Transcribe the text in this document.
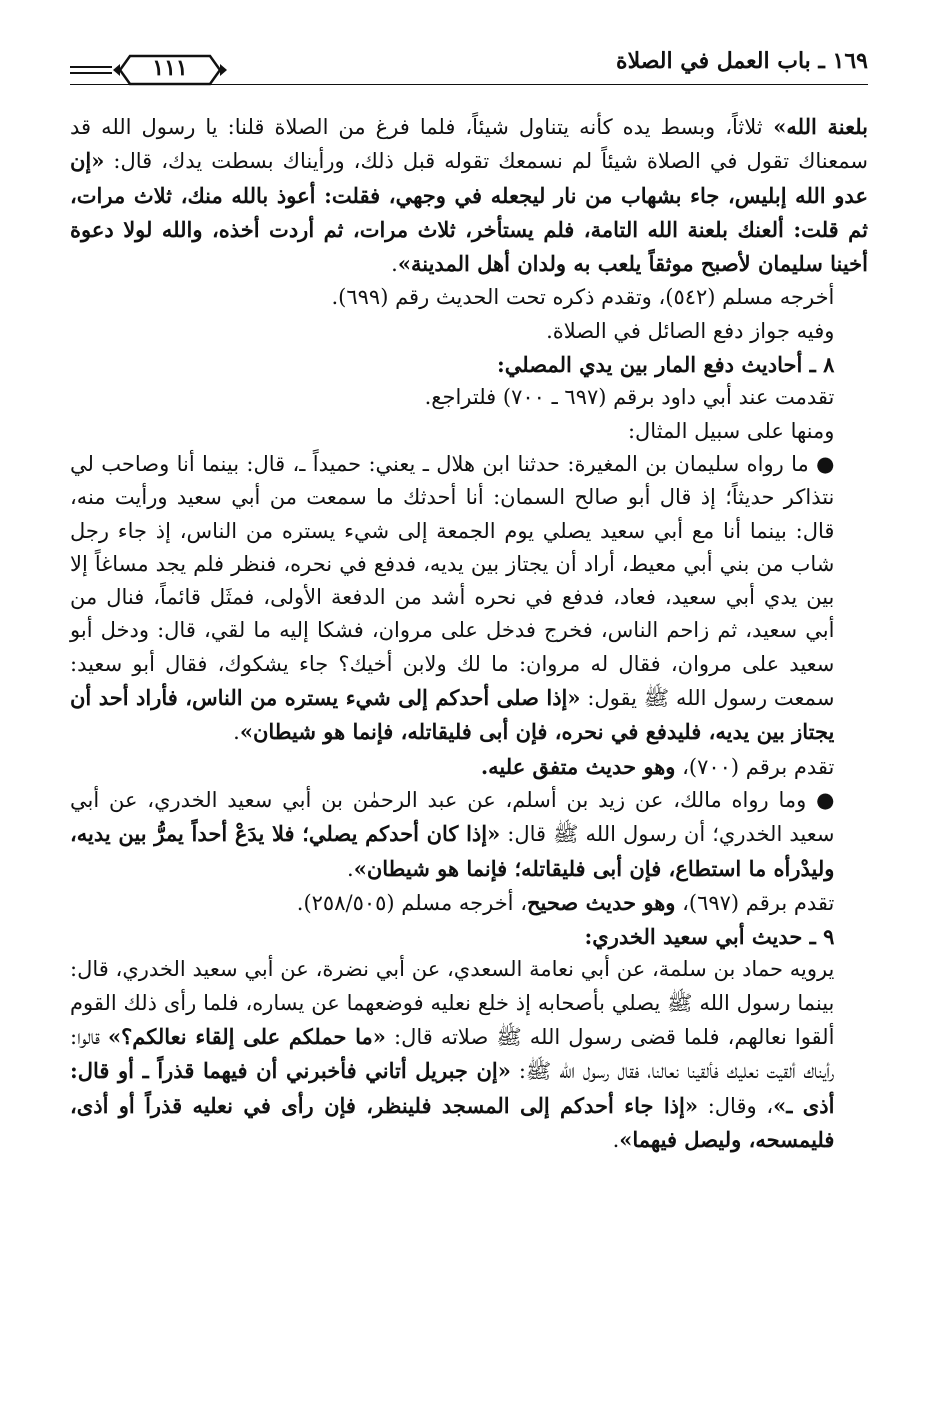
١٦٩ ـ باب العمل في الصلاة
١١١

بلعنة الله» ثلاثاً، وبسط يده كأنه يتناول شيئاً، فلما فرغ من الصلاة قلنا: يا رسول الله قد سمعناك تقول في الصلاة شيئاً لم نسمعك تقوله قبل ذلك، ورأيناك بسطت يدك، قال: «إن عدو الله إبليس، جاء بشهاب من نار ليجعله في وجهي، فقلت: أعوذ بالله منك، ثلاث مرات، ثم قلت: ألعنك بلعنة الله التامة، فلم يستأخر، ثلاث مرات، ثم أردت أخذه، والله لولا دعوة أخينا سليمان لأصبح موثقاً يلعب به ولدان أهل المدينة».

أخرجه مسلم (٥٤٢)، وتقدم ذكره تحت الحديث رقم (٦٩٩).

وفيه جواز دفع الصائل في الصلاة.

٨ ـ أحاديث دفع المار بين يدي المصلي:

تقدمت عند أبي داود برقم (٦٩٧ ـ ٧٠٠) فلتراجع.

ومنها على سبيل المثال:

● ما رواه سليمان بن المغيرة: حدثنا ابن هلال ـ يعني: حميداً ـ، قال: بينما أنا وصاحب لي نتذاكر حديثاً؛ إذ قال أبو صالح السمان: أنا أحدثك ما سمعت من أبي سعيد ورأيت منه، قال: بينما أنا مع أبي سعيد يصلي يوم الجمعة إلى شيء يستره من الناس، إذ جاء رجل شاب من بني أبي معيط، أراد أن يجتاز بين يديه، فدفع في نحره، فنظر فلم يجد مساغاً إلا بين يدي أبي سعيد، فعاد، فدفع في نحره أشد من الدفعة الأولى، فمثَل قائماً، فنال من أبي سعيد، ثم زاحم الناس، فخرج فدخل على مروان، فشكا إليه ما لقي، قال: ودخل أبو سعيد على مروان، فقال له مروان: ما لك ولابن أخيك؟ جاء يشكوك، فقال أبو سعيد: سمعت رسول الله ﷺ يقول: «إذا صلى أحدكم إلى شيء يستره من الناس، فأراد أحد أن يجتاز بين يديه، فليدفع في نحره، فإن أبى فليقاتله، فإنما هو شيطان».

تقدم برقم (٧٠٠)، وهو حديث متفق عليه.

● وما رواه مالك، عن زيد بن أسلم، عن عبد الرحمٰن بن أبي سعيد الخدري، عن أبي سعيد الخدري؛ أن رسول الله ﷺ قال: «إذا كان أحدكم يصلي؛ فلا يدَعْ أحداً يمرُّ بين يديه، وليدْرأه ما استطاع، فإن أبى فليقاتله؛ فإنما هو شيطان».

تقدم برقم (٦٩٧)، وهو حديث صحيح، أخرجه مسلم (٢٥٨/٥٠٥).

٩ ـ حديث أبي سعيد الخدري:

يرويه حماد بن سلمة، عن أبي نعامة السعدي، عن أبي نضرة، عن أبي سعيد الخدري، قال: بينما رسول الله ﷺ يصلي بأصحابه إذ خلع نعليه فوضعهما عن يساره، فلما رأى ذلك القوم ألقوا نعالهم، فلما قضى رسول الله ﷺ صلاته قال: «ما حملكم على إلقاء نعالكم؟» قالوا: رأيناك ألقيت نعليك فألقينا نعالنا، فقال رسول الله ﷺ: «إن جبريل أتاني فأخبرني أن فيهما قذراً ـ أو قال: أذى ـ»، وقال: «إذا جاء أحدكم إلى المسجد فلينظر، فإن رأى في نعليه قذراً أو أذى، فليمسحه، وليصل فيهما».
